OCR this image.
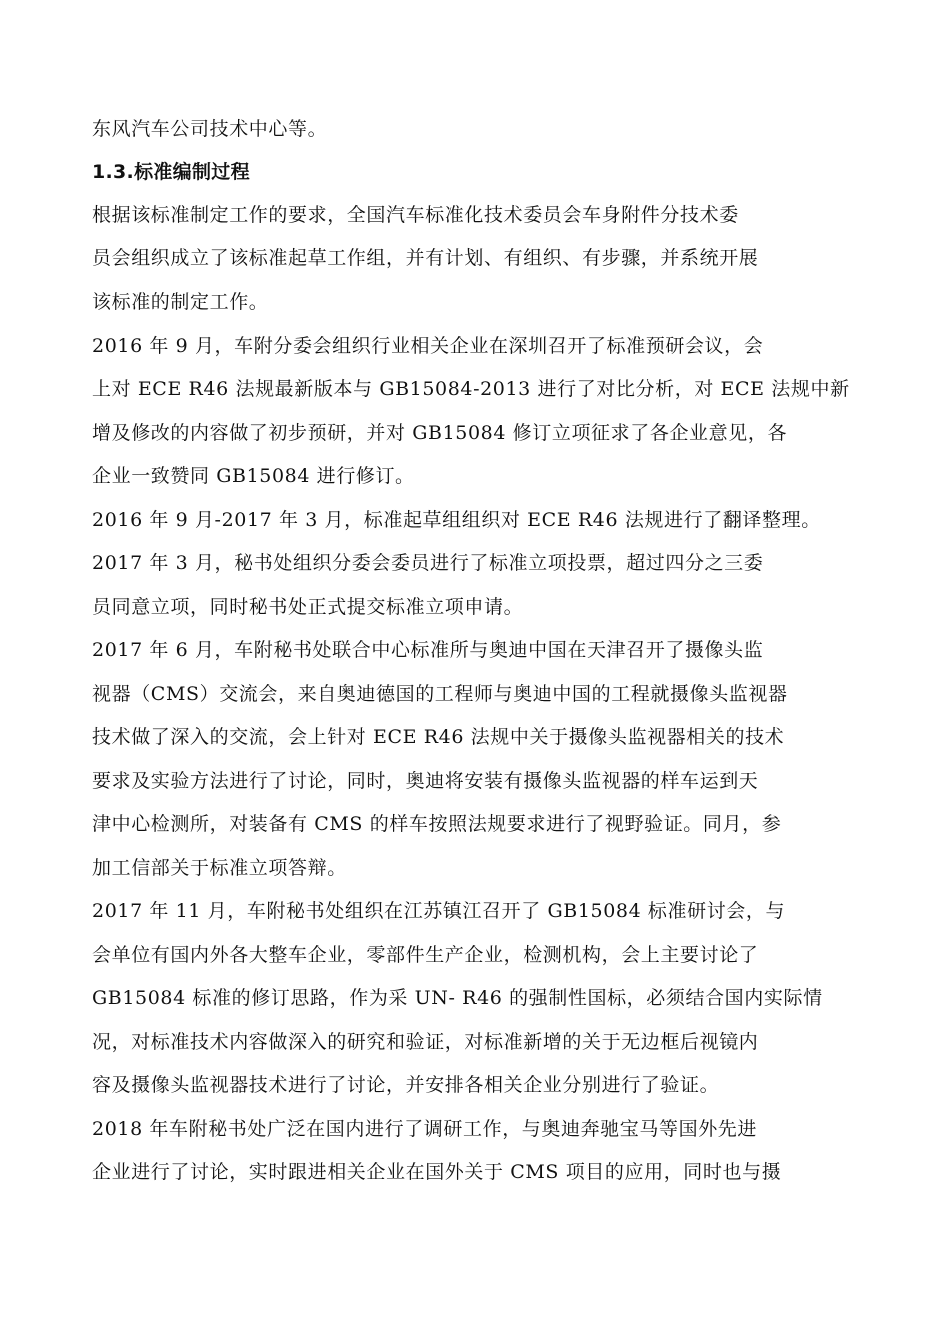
东风汽车公司技术中心等。
1.3.标准编制过程
根据该标准制定工作的要求，全国汽车标准化技术委员会车身附件分技术委
员会组织成立了该标准起草工作组，并有计划、有组织、有步骤，并系统开展
该标准的制定工作。
2016 年 9 月，车附分委会组织行业相关企业在深圳召开了标准预研会议，会
上对 ECE R46 法规最新版本与 GB15084-2013 进行了对比分析，对 ECE 法规中新
增及修改的内容做了初步预研，并对 GB15084 修订立项征求了各企业意见，各
企业一致赞同 GB15084 进行修订。
2016 年 9 月-2017 年 3 月，标准起草组组织对 ECE R46 法规进行了翻译整理。
2017 年 3 月，秘书处组织分委会委员进行了标准立项投票，超过四分之三委
员同意立项，同时秘书处正式提交标准立项申请。
2017 年 6 月，车附秘书处联合中心标准所与奥迪中国在天津召开了摄像头监
视器（CMS）交流会，来自奥迪德国的工程师与奥迪中国的工程就摄像头监视器
技术做了深入的交流，会上针对 ECE R46 法规中关于摄像头监视器相关的技术
要求及实验方法进行了讨论，同时，奥迪将安装有摄像头监视器的样车运到天
津中心检测所，对装备有 CMS 的样车按照法规要求进行了视野验证。同月，参
加工信部关于标准立项答辩。
2017 年 11 月，车附秘书处组织在江苏镇江召开了 GB15084 标准研讨会，与
会单位有国内外各大整车企业，零部件生产企业，检测机构，会上主要讨论了
GB15084 标准的修订思路，作为采 UN- R46 的强制性国标，必须结合国内实际情
况，对标准技术内容做深入的研究和验证，对标准新增的关于无边框后视镜内
容及摄像头监视器技术进行了讨论，并安排各相关企业分别进行了验证。
2018 年车附秘书处广泛在国内进行了调研工作，与奥迪奔驰宝马等国外先进
企业进行了讨论，实时跟进相关企业在国外关于 CMS 项目的应用，同时也与摄
